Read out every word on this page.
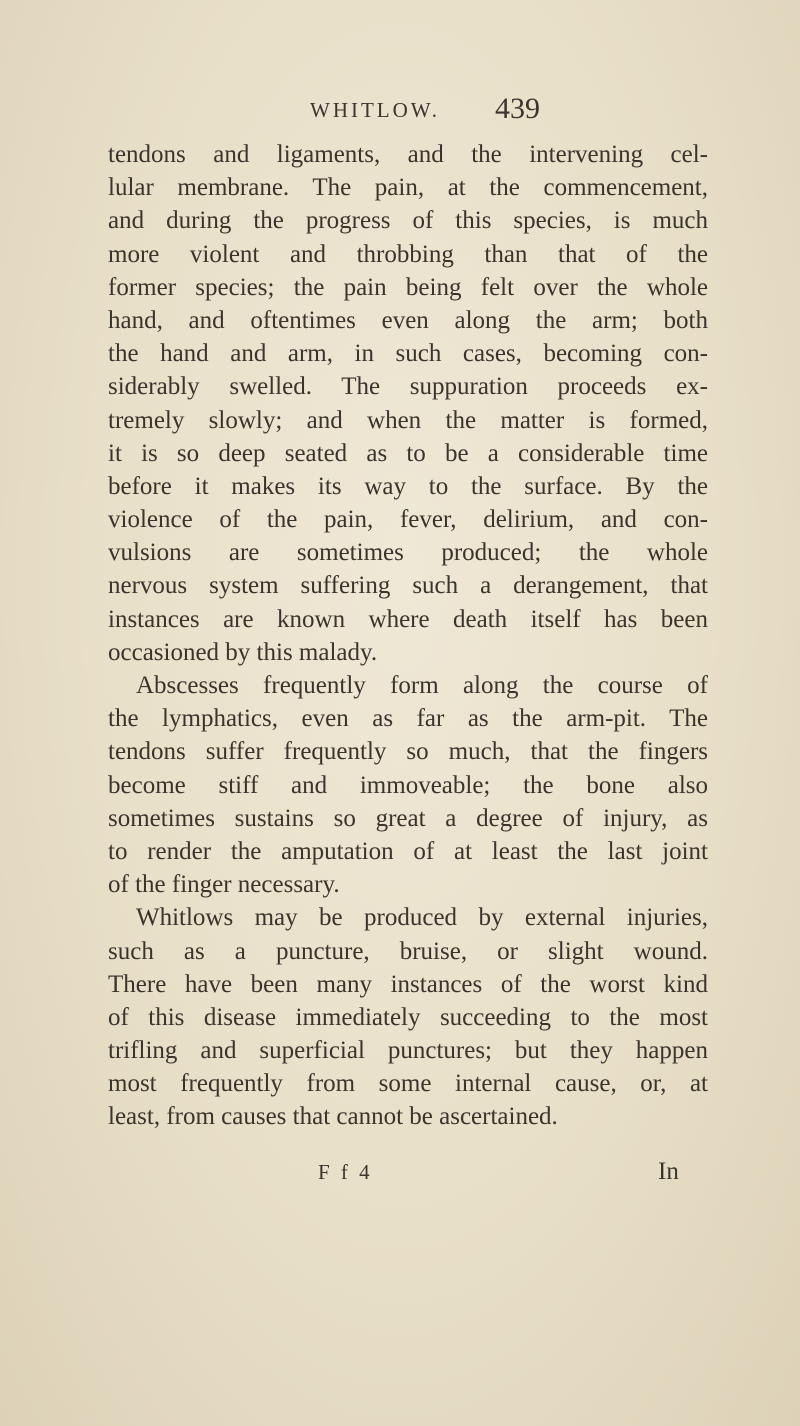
WHITLOW. 439
tendons and ligaments, and the intervening cel-
lular membrane. The pain, at the commencement,
and during the progress of this species, is much
more violent and throbbing than that of the
former species; the pain being felt over the whole
hand, and oftentimes even along the arm; both
the hand and arm, in such cases, becoming con-
siderably swelled. The suppuration proceeds ex-
tremely slowly; and when the matter is formed,
it is so deep seated as to be a considerable time
before it makes its way to the surface. By the
violence of the pain, fever, delirium, and con-
vulsions are sometimes produced; the whole
nervous system suffering such a derangement, that
instances are known where death itself has been
occasioned by this malady.
Abscesses frequently form along the course of
the lymphatics, even as far as the arm-pit. The
tendons suffer frequently so much, that the fingers
become stiff and immoveable; the bone also
sometimes sustains so great a degree of injury, as
to render the amputation of at least the last joint
of the finger necessary.
Whitlows may be produced by external injuries,
such as a puncture, bruise, or slight wound.
There have been many instances of the worst kind
of this disease immediately succeeding to the most
trifling and superficial punctures; but they happen
most frequently from some internal cause, or, at
least, from causes that cannot be ascertained.
F f 4	In
